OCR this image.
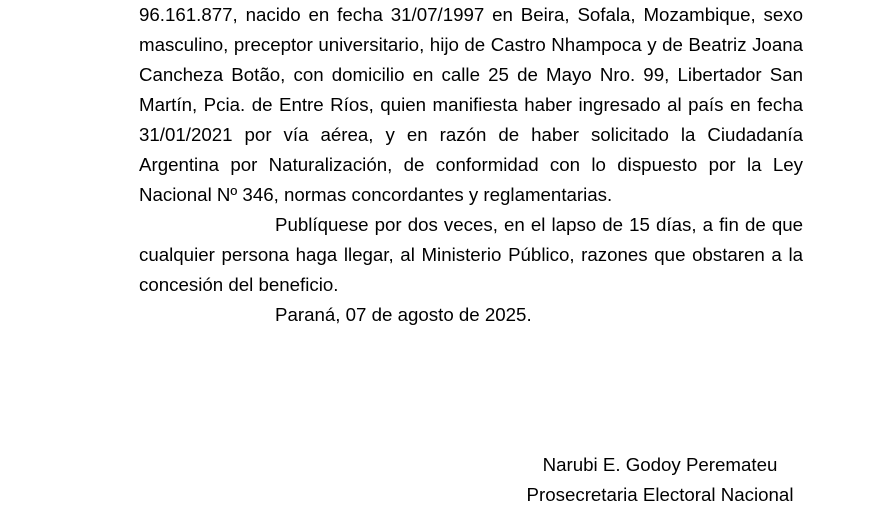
96.161.877, nacido en fecha 31/07/1997 en Beira, Sofala, Mozambique, sexo masculino, preceptor universitario, hijo de Castro Nhampoca y de Beatriz Joana Cancheza Botão, con domicilio en calle 25 de Mayo Nro. 99, Libertador San Martín, Pcia. de Entre Ríos, quien manifiesta haber ingresado al país en fecha 31/01/2021 por vía aérea, y en razón de haber solicitado la Ciudadanía Argentina por Naturalización, de conformidad con lo dispuesto por la Ley Nacional Nº 346, normas concordantes y reglamentarias.

Publíquese por dos veces, en el lapso de 15 días, a fin de que cualquier persona haga llegar, al Ministerio Público, razones que obstaren a la concesión del beneficio.

Paraná, 07 de agosto de 2025.

Narubi E. Godoy Peremateu
Prosecretaria Electoral Nacional
